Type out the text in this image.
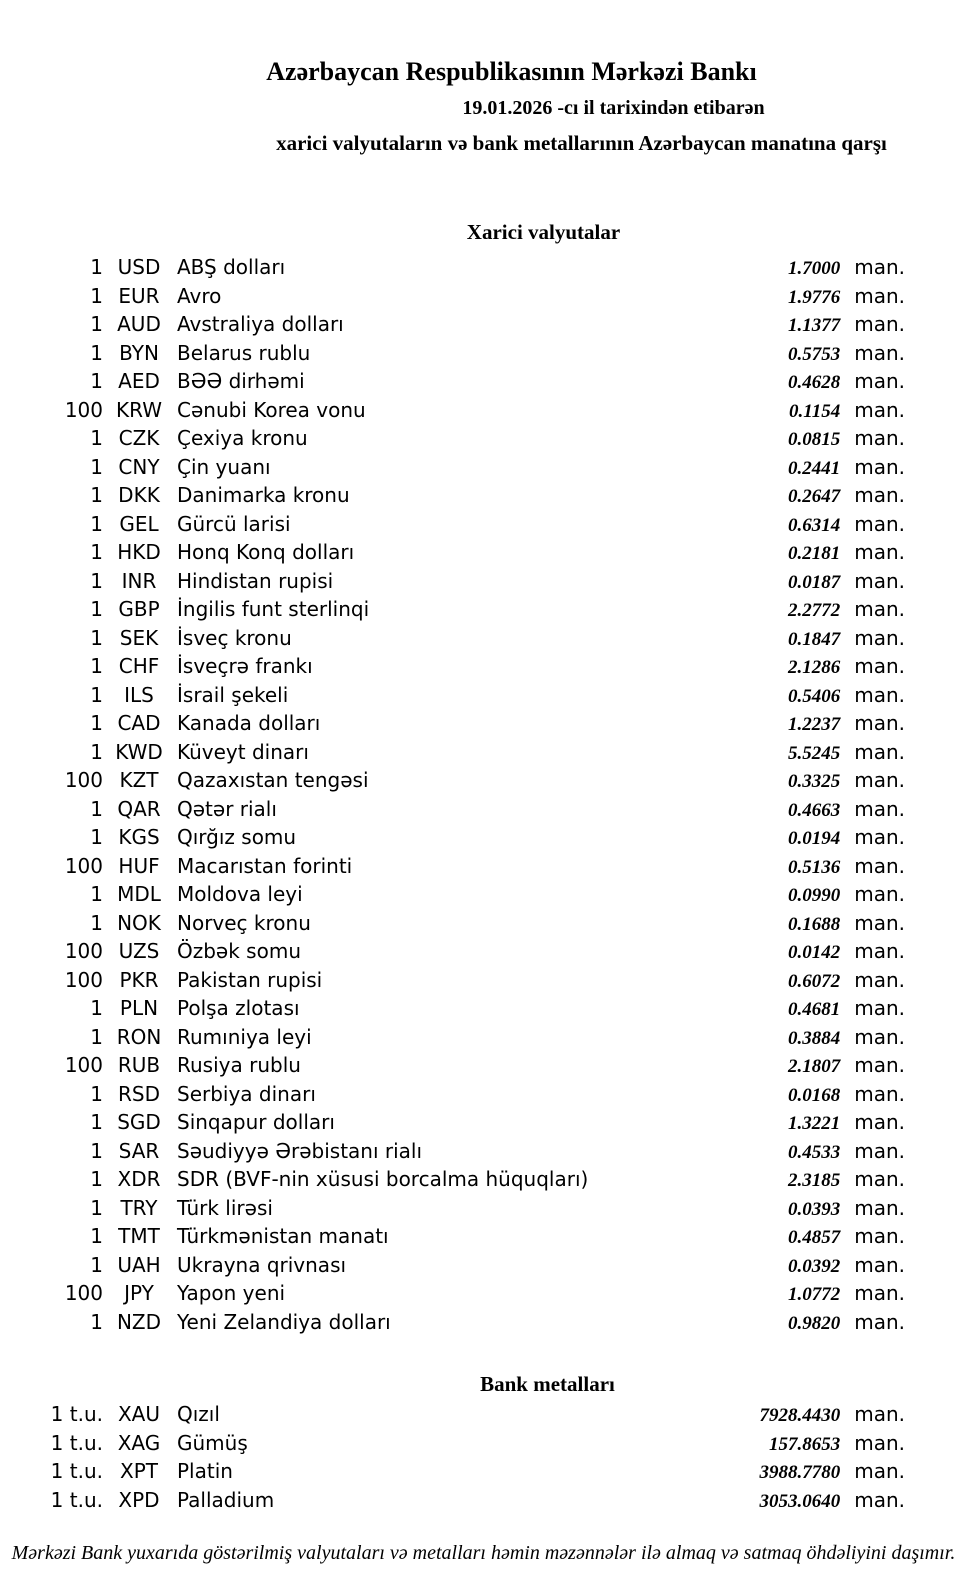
Azərbaycan Respublikasının Mərkəzi Bankı
19.01.2026 -cı il tarixindən etibarən
xarici valyutaların və bank metallarının Azərbaycan manatına qarşı
Xarici valyutalar
1 USD ABŞ dolları	1.7000 man.
1 EUR Avro	1.9776 man.
1 AUD Avstraliya dolları	1.1377 man.
1 BYN Belarus rublu	0.5753 man.
1 AED BƏƏ dirhəmi	0.4628 man.
100 KRW Cənubi Korea vonu	0.1154 man.
1 CZK Çexiya kronu	0.0815 man.
1 CNY Çin yuanı	0.2441 man.
1 DKK Danimarka kronu	0.2647 man.
1 GEL Gürcü larisi	0.6314 man.
1 HKD Honq Konq dolları	0.2181 man.
1 INR	Hindistan rupisi	0.0187 man.
1 GBP İngilis funt sterlinqi	2.2772 man.
1 SEK İsveç kronu	0.1847 man.
1 CHF İsveçrə frankı	2.1286 man.
1	ILS	İsrail şekeli	0.5406 man.
1 CAD Kanada dolları	1.2237 man.
1 KWD Küveyt dinarı	5.5245 man.
100 KZT Qazaxıstan tengəsi	0.3325 man.
1 QAR Qətər rialı	0.4663 man.
1 KGS Qırğız somu	0.0194 man.
100 HUF Macarıstan forinti	0.5136 man.
1 MDL Moldova leyi	0.0990 man.
1 NOK Norveç kronu	0.1688 man.
100 UZS Özbək somu	0.0142 man.
100 PKR Pakistan rupisi	0.6072 man.
1 PLN Polşa zlotası	0.4681 man.
1 RON Rumıniya leyi	0.3884 man.
100 RUB Rusiya rublu	2.1807 man.
1 RSD Serbiya dinarı	0.0168 man.
1 SGD Sinqapur dolları	1.3221 man.
1 SAR Səudiyyə Ərəbistanı rialı	0.4533 man.
1 XDR SDR (BVF-nin xüsusi borcalma hüquqları)	2.3185 man.
1 TRY Türk lirəsi	0.0393 man.
1 TMT Türkmənistan manatı	0.4857 man.
1 UAH Ukrayna qrivnası	0.0392 man.
100	JPY	Yapon yeni	1.0772 man.
1 NZD Yeni Zelandiya dolları	0.9820 man.
Bank metalları
1 t.u. XAU Qızıl	7928.4430 man.
1 t.u. XAG Gümüş	157.8653 man.
1 t.u. XPT Platin	3988.7780 man.
1 t.u. XPD Palladium	3053.0640 man.
Mərkəzi Bank yuxarıda göstərilmiş valyutaları və metalları həmin məzənnələr ilə almaq və satmaq öhdəliyini daşımır.
